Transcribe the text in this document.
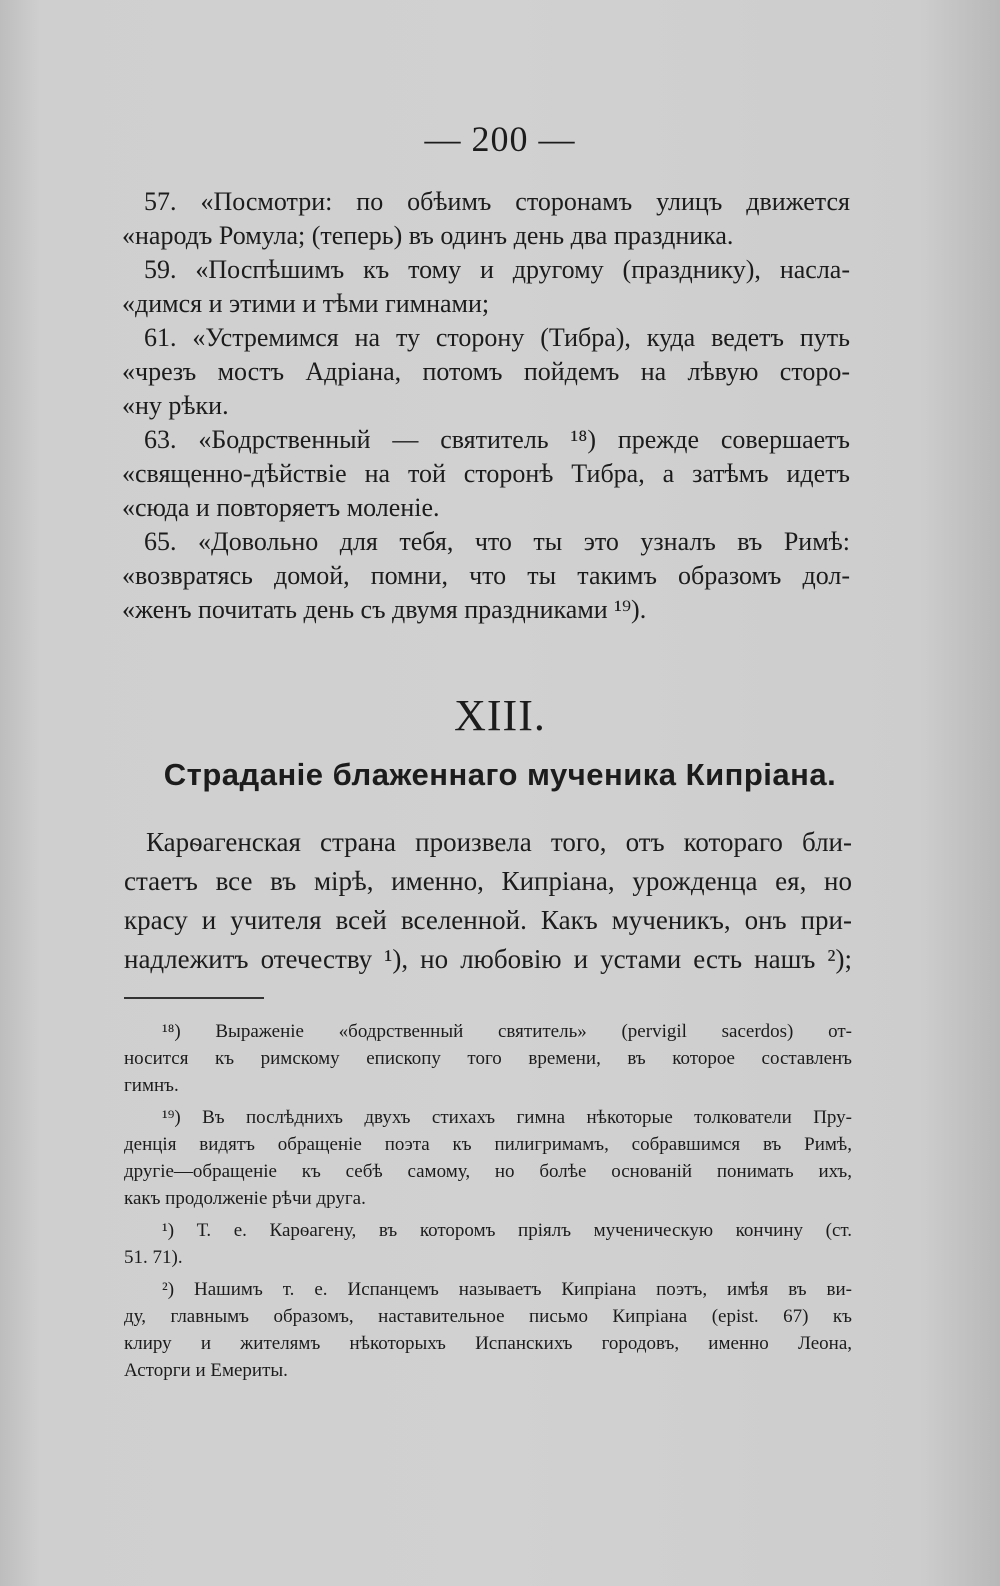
— 200 —
57. «Посмотри: по обѣимъ сторонамъ улицъ движется
«народъ Ромула; (теперь) въ одинъ день два праздника.
59. «Поспѣшимъ къ тому и другому (празднику), насла-
«димся и этими и тѣми гимнами;
61. «Устремимся на ту сторону (Тибра), куда ведетъ путь
«чрезъ мостъ Адріана, потомъ пойдемъ на лѣвую сторо-
«ну рѣки.
63. «Бодрственный — святитель ¹⁸) прежде совершаетъ
«священно-дѣйствіе на той сторонѣ Тибра, а затѣмъ идетъ
«сюда и повторяетъ моленіе.
65. «Довольно для тебя, что ты это узналъ въ Римѣ:
«возвратясь домой, помни, что ты такимъ образомъ дол-
«женъ почитать день съ двумя праздниками ¹⁹).
XIII.
Страданіе блаженнаго мученика Кипріана.
Карѳагенская страна произвела того, отъ котораго бли-
стаетъ все въ мірѣ, именно, Кипріана, урожденца ея, но
красу и учителя всей вселенной. Какъ мученикъ, онъ при-
надлежитъ отечеству ¹), но любовію и устами есть нашъ ²);
¹⁸) Выраженіе «бодрственный святитель» (pervigil sacerdos) от-
носится къ римскому епископу того времени, въ которое составленъ
гимнъ.
¹⁹) Въ послѣднихъ двухъ стихахъ гимна нѣкоторые толкователи Пру-
денція видятъ обращеніе поэта къ пилигримамъ, собравшимся въ Римѣ,
другіе—обращеніе къ себѣ самому, но болѣе основаній понимать ихъ,
какъ продолженіе рѣчи друга.
¹) Т. е. Карѳагену, въ которомъ пріялъ мученическую кончину (ст.
51. 71).
²) Нашимъ т. е. Испанцемъ называетъ Кипріана поэтъ, имѣя въ ви-
ду, главнымъ образомъ, наставительное письмо Кипріана (epist. 67) къ
клиру и жителямъ нѣкоторыхъ Испанскихъ городовъ, именно Леона,
Асторги и Емериты.
